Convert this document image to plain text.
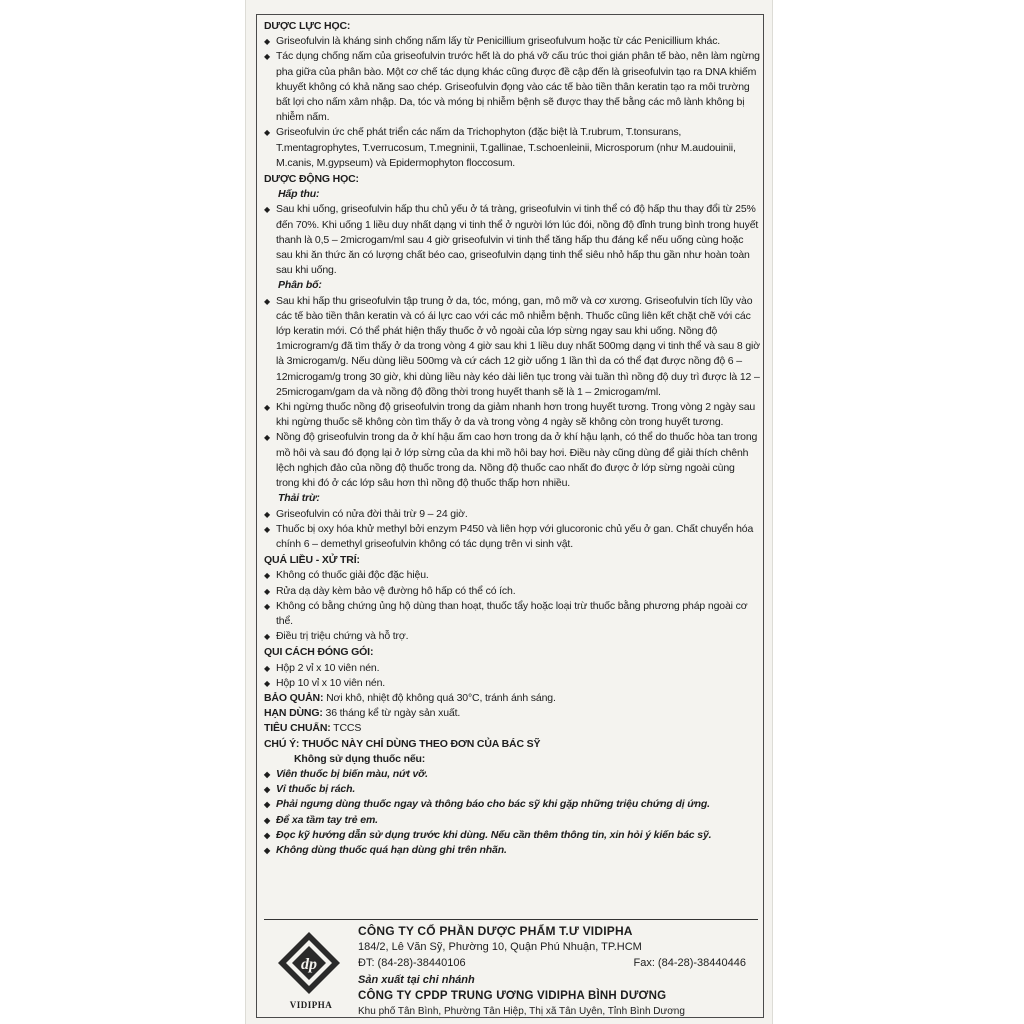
DƯỢC LỰC HỌC:
◆ Griseofulvin là kháng sinh chống nấm lấy từ Penicillium griseofulvum hoặc từ các Penicillium khác.
◆ Tác dụng chống nấm của griseofulvin trước hết là do phá vỡ cấu trúc thoi gián phân tế bào, nên làm ngừng pha giữa của phân bào. Một cơ chế tác dụng khác cũng được đề cập đến là griseofulvin tạo ra DNA khiếm khuyết không có khả năng sao chép. Griseofulvin đọng vào các tế bào tiền thân keratin tạo ra môi trường bất lợi cho nấm xâm nhập. Da, tóc và móng bị nhiễm bệnh sẽ được thay thế bằng các mô lành không bị nhiễm nấm.
◆ Griseofulvin ức chế phát triển các nấm da Trichophyton (đặc biệt là T.rubrum, T.tonsurans, T.mentagrophytes, T.verrucosum, T.megninii, T.gallinae, T.schoenleinii, Microsporum (như M.audouinii, M.canis, M.gypseum) và Epidermophyton floccosum.
DƯỢC ĐỘNG HỌC:
Hấp thu:
◆ Sau khi uống, griseofulvin hấp thu chủ yếu ở tá tràng, griseofulvin vi tinh thể có độ hấp thu thay đổi từ 25% đến 70%. Khi uống 1 liều duy nhất dạng vi tinh thể ở người lớn lúc đói, nồng độ đỉnh trung bình trong huyết thanh là 0,5 – 2microgam/ml sau 4 giờ griseofulvin vi tinh thể tăng hấp thu đáng kể nếu uống cùng hoặc sau khi ăn thức ăn có lượng chất béo cao, griseofulvin dạng tinh thể siêu nhỏ hấp thu gần như hoàn toàn sau khi uống.
Phân bố:
◆ Sau khi hấp thu griseofulvin tập trung ở da, tóc, móng, gan, mô mỡ và cơ xương. Griseofulvin tích lũy vào các tế bào tiền thân keratin và có ái lực cao với các mô nhiễm bệnh. Thuốc cũng liên kết chặt chẽ với các lớp keratin mới. Có thể phát hiện thấy thuốc ở vỏ ngoài của lớp sừng ngay sau khi uống. Nồng độ 1microgram/g đã tìm thấy ở da trong vòng 4 giờ sau khi 1 liều duy nhất 500mg dạng vi tinh thể và sau 8 giờ là 3microgam/g. Nếu dùng liều 500mg và cứ cách 12 giờ uống 1 lần thì da có thể đạt được nồng độ 6 – 12microgam/g trong 30 giờ, khi dùng liều này kéo dài liên tục trong vài tuần thì nồng độ duy trì được là 12 – 25microgam/gam da và nồng độ đồng thời trong huyết thanh sẽ là 1 – 2microgam/ml.
◆ Khi ngừng thuốc nồng độ griseofulvin trong da giảm nhanh hơn trong huyết tương. Trong vòng 2 ngày sau khi ngừng thuốc sẽ không còn tìm thấy ở da và trong vòng 4 ngày sẽ không còn trong huyết tương.
◆ Nồng độ griseofulvin trong da ở khí hậu ấm cao hơn trong da ở khí hậu lạnh, có thể do thuốc hòa tan trong mồ hôi và sau đó đọng lại ở lớp sừng của da khi mồ hôi bay hơi. Điều này cũng dùng để giải thích chênh lệch nghịch đảo của nồng độ thuốc trong da. Nồng độ thuốc cao nhất đo được ở lớp sừng ngoài cùng trong khi đó ở các lớp sâu hơn thì nồng độ thuốc thấp hơn nhiều.
Thải trừ:
◆ Griseofulvin có nửa đời thải trừ 9 – 24 giờ.
◆ Thuốc bị oxy hóa khử methyl bởi enzym P450 và liên hợp với glucoronic chủ yếu ở gan. Chất chuyển hóa chính 6 – demethyl griseofulvin không có tác dụng trên vi sinh vật.
QUÁ LIỀU - XỬ TRÍ:
◆ Không có thuốc giải độc đặc hiệu.
◆ Rửa dạ dày kèm bảo vệ đường hô hấp có thể có ích.
◆ Không có bằng chứng ủng hộ dùng than hoạt, thuốc tẩy hoặc loại trừ thuốc bằng phương pháp ngoài cơ thể.
◆ Điều trị triệu chứng và hỗ trợ.
QUI CÁCH ĐÓNG GÓI:
◆ Hộp 2 vỉ x 10 viên nén.
◆ Hộp 10 vỉ x 10 viên nén.
BẢO QUẢN: Nơi khô, nhiệt độ không quá 30°C, tránh ánh sáng.
HẠN DÙNG: 36 tháng kể từ ngày sản xuất.
TIÊU CHUẨN: TCCS
CHÚ Ý: THUỐC NÀY CHỈ DÙNG THEO ĐƠN CỦA BÁC SỸ
Không sử dụng thuốc nếu:
◆ Viên thuốc bị biến màu, nứt vỡ.
◆ Vỉ thuốc bị rách.
◆ Phải ngưng dùng thuốc ngay và thông báo cho bác sỹ khi gặp những triệu chứng dị ứng.
◆ Để xa tầm tay trẻ em.
◆ Đọc kỹ hướng dẫn sử dụng trước khi dùng. Nếu cần thêm thông tin, xin hỏi ý kiến bác sỹ.
◆ Không dùng thuốc quá hạn dùng ghi trên nhãn.
dp
VIDIPHA
CÔNG TY CỔ PHẦN DƯỢC PHẨM T.Ư VIDIPHA
184/2, Lê Văn Sỹ, Phường 10, Quận Phú Nhuận, TP.HCM
ĐT: (84-28)-38440106	Fax: (84-28)-38440446
Sản xuất tại chi nhánh
CÔNG TY CPDP TRUNG ƯƠNG VIDIPHA BÌNH DƯƠNG
Khu phố Tân Bình, Phường Tân Hiệp, Thị xã Tân Uyên, Tỉnh Bình Dương
